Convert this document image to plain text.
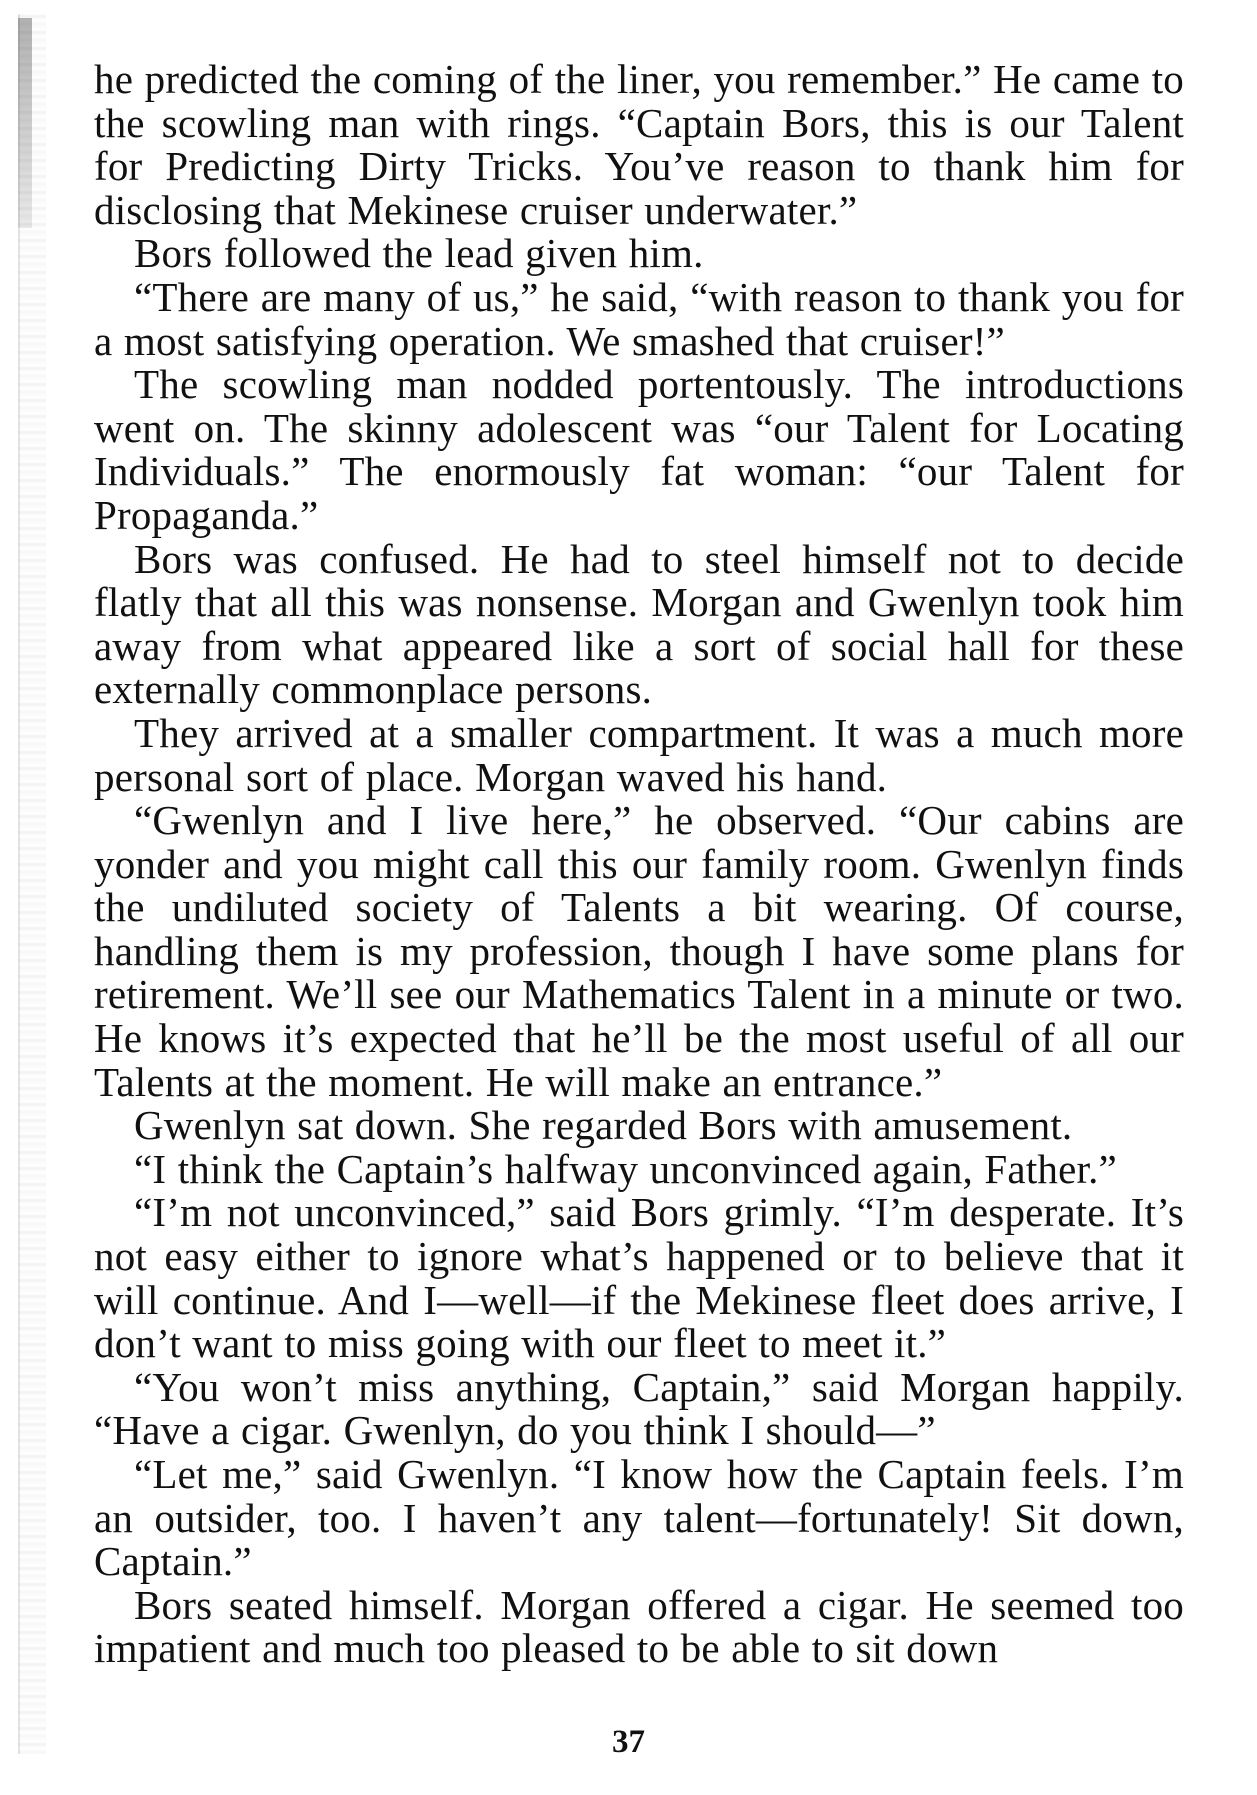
he predicted the coming of the liner, you remember.” He came to the scowling man with rings. “Captain Bors, this is our Talent for Predicting Dirty Tricks. You’ve reason to thank him for disclosing that Mekinese cruiser underwater.”

Bors followed the lead given him.

“There are many of us,” he said, “with reason to thank you for a most satisfying operation. We smashed that cruiser!”

The scowling man nodded portentously. The introductions went on. The skinny adolescent was “our Talent for Locating Individuals.” The enormously fat woman: “our Talent for Propaganda.”

Bors was confused. He had to steel himself not to decide flatly that all this was nonsense. Morgan and Gwenlyn took him away from what appeared like a sort of social hall for these externally commonplace persons.

They arrived at a smaller compartment. It was a much more personal sort of place. Morgan waved his hand.

“Gwenlyn and I live here,” he observed. “Our cabins are yonder and you might call this our family room. Gwenlyn finds the undiluted society of Talents a bit wearing. Of course, handling them is my profession, though I have some plans for retirement. We’ll see our Mathematics Talent in a minute or two. He knows it’s expected that he’ll be the most useful of all our Talents at the moment. He will make an entrance.”

Gwenlyn sat down. She regarded Bors with amusement.

“I think the Captain’s halfway unconvinced again, Father.”

“I’m not unconvinced,” said Bors grimly. “I’m desperate. It’s not easy either to ignore what’s happened or to believe that it will continue. And I—well—if the Mekinese fleet does arrive, I don’t want to miss going with our fleet to meet it.”

“You won’t miss anything, Captain,” said Morgan happily. “Have a cigar. Gwenlyn, do you think I should—”

“Let me,” said Gwenlyn. “I know how the Captain feels. I’m an outsider, too. I haven’t any talent—fortunately! Sit down, Captain.”

Bors seated himself. Morgan offered a cigar. He seemed too impatient and much too pleased to be able to sit down

37
